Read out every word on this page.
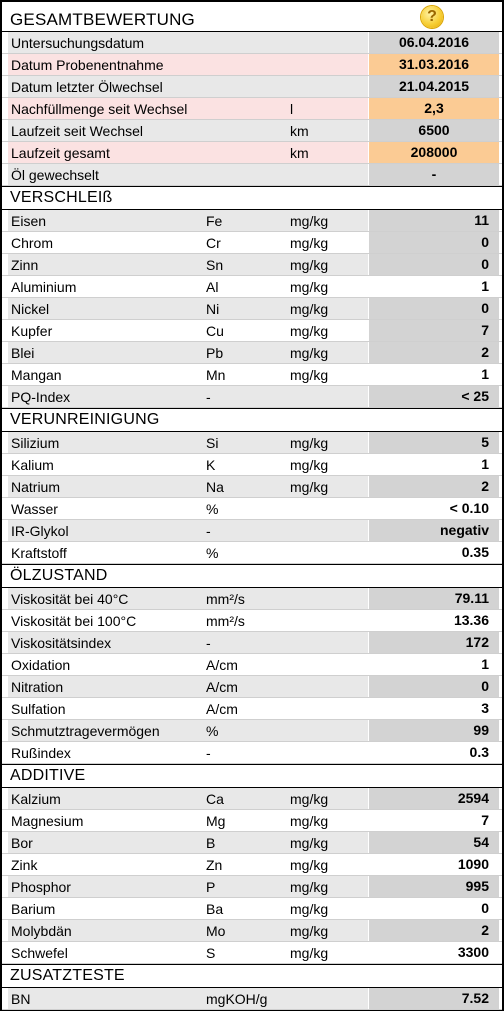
GESAMTBEWERTUNG	?
Untersuchungsdatum	06.04.2016
Datum Probenentnahme	31.03.2016
Datum letzter Ölwechsel	21.04.2015
Nachfüllmenge seit Wechsel	l	2,3
Laufzeit seit Wechsel	km	6500
Laufzeit gesamt	km	208000
Öl gewechselt	-
VERSCHLEIß
Eisen	Fe	mg/kg	11
Chrom	Cr	mg/kg	0
Zinn	Sn	mg/kg	0
Aluminium	Al	mg/kg	1
Nickel	Ni	mg/kg	0
Kupfer	Cu	mg/kg	7
Blei	Pb	mg/kg	2
Mangan	Mn	mg/kg	1
PQ-Index	-	< 25
VERUNREINIGUNG
Silizium	Si	mg/kg	5
Kalium	K	mg/kg	1
Natrium	Na	mg/kg	2
Wasser	%	< 0.10
IR-Glykol	-	negativ
Kraftstoff	%	0.35
ÖLZUSTAND
Viskosität bei 40°C	mm²/s	79.11
Viskosität bei 100°C	mm²/s	13.36
Viskositätsindex	-	172
Oxidation	A/cm	1
Nitration	A/cm	0
Sulfation	A/cm	3
Schmutztragevermögen	%	99
Rußindex	-	0.3
ADDITIVE
Kalzium	Ca	mg/kg	2594
Magnesium	Mg	mg/kg	7
Bor	B	mg/kg	54
Zink	Zn	mg/kg	1090
Phosphor	P	mg/kg	995
Barium	Ba	mg/kg	0
Molybdän	Mo	mg/kg	2
Schwefel	S	mg/kg	3300
ZUSATZTESTE
BN	mgKOH/g	7.52
